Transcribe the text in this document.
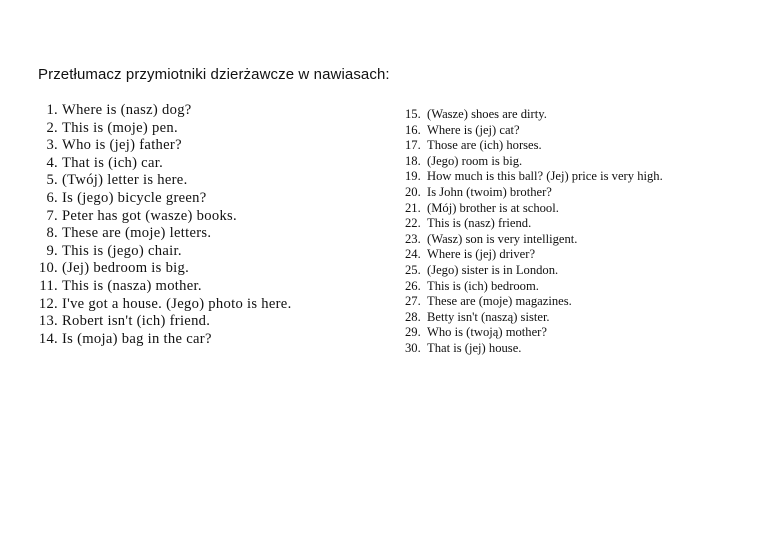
Przetłumacz przymiotniki dzierżawcze w nawiasach:
1. Where is (nasz) dog?
2. This is (moje) pen.
3. Who is (jej) father?
4. That is (ich) car.
5. (Twój) letter is here.
6. Is (jego) bicycle green?
7. Peter has got (wasze) books.
8. These are (moje) letters.
9. This is (jego) chair.
10. (Jej) bedroom is big.
11. This is (nasza) mother.
12. I've got a house. (Jego) photo is here.
13. Robert isn't (ich) friend.
14. Is (moja) bag in the car?
15. (Wasze) shoes are dirty.
16. Where is (jej) cat?
17. Those are (ich) horses.
18. (Jego) room is big.
19. How much is this ball? (Jej) price is very high.
20. Is John (twoim) brother?
21. (Mój) brother is at school.
22. This is (nasz) friend.
23. (Wasz) son is very intelligent.
24. Where is (jej) driver?
25. (Jego) sister is in London.
26. This is (ich) bedroom.
27. These are (moje) magazines.
28. Betty isn't (naszą) sister.
29. Who is (twoją) mother?
30. That is (jej) house.
